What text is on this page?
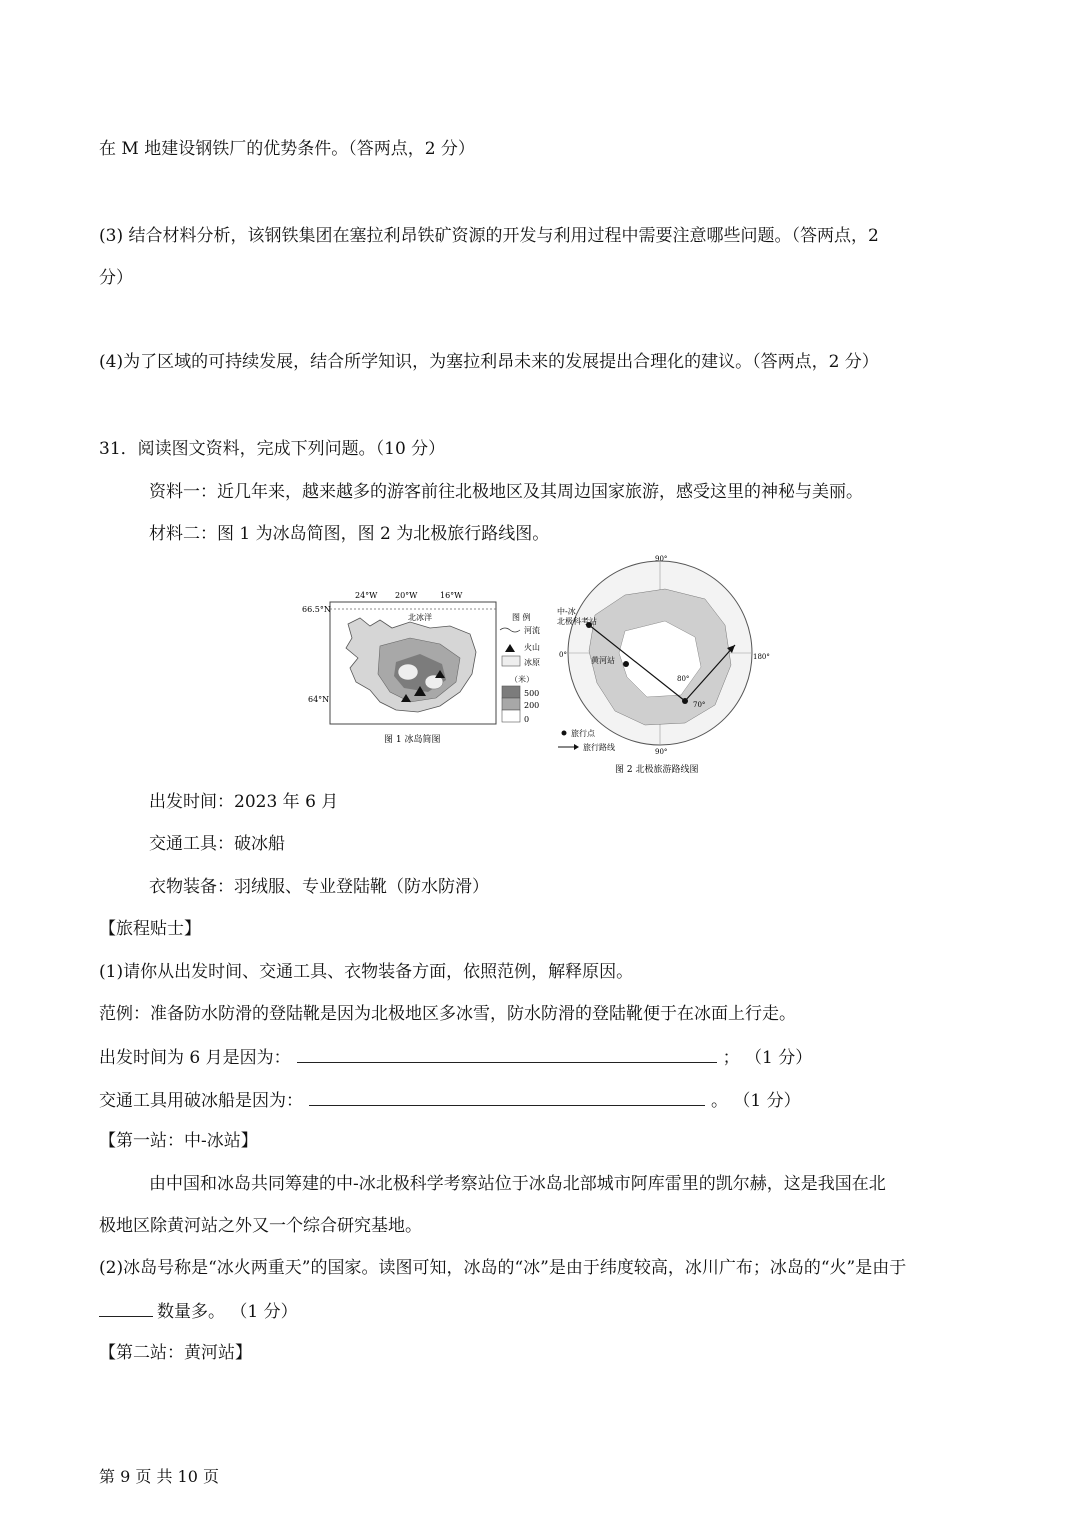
在 M 地建设钢铁厂的优势条件。（答两点，2 分）
(3) 结合材料分析，该钢铁集团在塞拉利昂铁矿资源的开发与利用过程中需要注意哪些问题。（答两点，2
分）
(4)为了区域的可持续发展，结合所学知识，为塞拉利昂未来的发展提出合理化的建议。（答两点，2 分）
31．阅读图文资料，完成下列问题。（10 分）
资料一：近几年来，越来越多的游客前往北极地区及其周边国家旅游，感受这里的神秘与美丽。
材料二：图 1 为冰岛简图，图 2 为北极旅行路线图。
66.5°N
64°N
24°W 20°W	16°W
北冰洋	图 例
河流
火山
冰原
（米）
500
200
0
图 1 冰岛简图
90°
90°
0°	180°
80°
70°
中-冰
北极科考站
黄河站
旅行点
旅行路线
图 2 北极旅游路线图
出发时间：2023 年 6 月
交通工具：破冰船
衣物装备：羽绒服、专业登陆靴（防水防滑）
【旅程贴士】
(1)请你从出发时间、交通工具、衣物装备方面，依照范例，解释原因。
范例：准备防水防滑的登陆靴是因为北极地区多冰雪，防水防滑的登陆靴便于在冰面上行走。
出发时间为 6 月是因为：	； （1 分）
交通工具用破冰船是因为：	。 （1 分）
【第一站：中-冰站】
由中国和冰岛共同筹建的中-冰北极科学考察站位于冰岛北部城市阿库雷里的凯尔赫，这是我国在北
极地区除黄河站之外又一个综合研究基地。
(2)冰岛号称是“冰火两重天”的国家。读图可知，冰岛的“冰”是由于纬度较高，冰川广布；冰岛的“火”是由于
数量多。 （1 分）
【第二站：黄河站】
第 9 页 共 10 页
